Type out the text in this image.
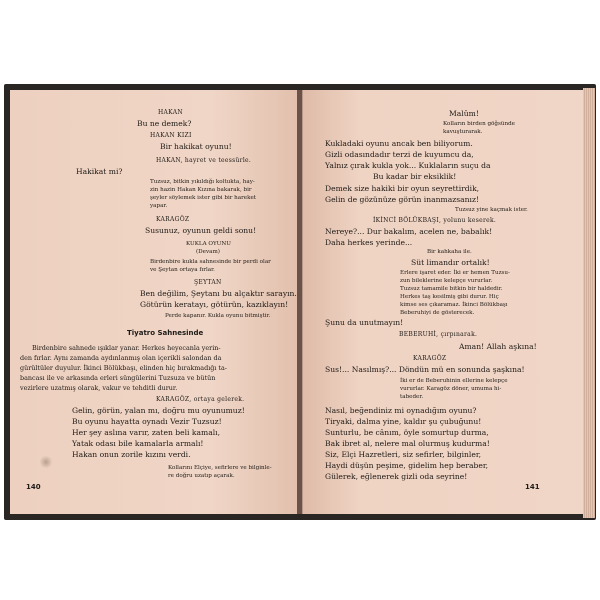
HAKAN
Bu ne demek?
HAKAN KIZI
Bir hakikat oyunu!
HAKAN, hayret ve teessürle.
Hakikat mi?
Tuzsuz, bitkin yıkıldığı koltukta, hay-
zin hazin Hakan Kızına bakarak, bir
şeyler söylemek ister gibi bir hareket
yapar.
KARAGÖZ
Susunuz, oyunun geldi sonu!
KUKLA OYUNU
(Devam)
Birdenbire kukla sahnesinde bir perdi olar
ve Şeytan ortaya fırlar.
ŞEYTAN
Ben değilim, Şeytanı bu alçaktır sarayın.
Götürün keratayı, götürün, kazıklayın!
Perde kapanır. Kukla oyunu bitmiştir.
Tiyatro Sahnesinde
Birdenbire sahnede ışıklar yanar. Herkes heyecanla yerin-
den fırlar. Aynı zamanda aydınlanmış olan içerikli salondan da
gürültüler duyulur. İkinci Bölükbaşı, elinden hiç bırakmadığı ta-
bancası ile ve arkasında erleri süngülerini Tuzsuza ve bütün
vezirlere uzatmış olarak, vakur ve tehditli durur.
KARAGÖZ, ortaya gelerek.
Gelin, görün, yalan mı, doğru mu oyunumuz!
Bu oyunu hayatta oynadı Vezir Tuzsuz!
Her şey aslına varır, zaten beli kamalı,
Yatak odası bile kamalarla armalı!
Hakan onun zorile kızını verdi.
Kollarını Elçiye, sefirlere ve bilginle-
re doğru uzatıp açarak.
140
Malûm!
Kolların birden göğsünde
kavuşturarak.
Kukladaki oyunu ancak ben biliyorum.
Gizli odasındadır terzi de kuyumcu da,
Yalnız çırak kukla yok... Kuklaların suçu da
Bu kadar bir eksiklik!
Demek size hakiki bir oyun seyrettirdik,
Gelin de gözünüze görün inanmazsanız!
Tuzsuz yine kaçmak ister.
İKİNCİ BÖLÜKBAŞI, yolunu keserek.
Nereye?... Dur bakalım, acelen ne, babalık!
Daha herkes yerinde...
Bir kahkaha ile.
Süt limandır ortalık!
Erlere işaret eder. İki er hemen Tuzsu-
zun bileklerine kelepçe vururlar.
Tuzsuz tamamile bitkin bir haldedir.
Herkes taş kesilmiş gibi durur. Hiç
kimse ses çıkaramaz. İkinci Bölükbaşı
Beberuhiyi de gösterecek.
Şunu da unutmayın!
BEBERUHİ, çırpınarak.
Aman! Allah aşkına!
KARAGÖZ
Sus!... Nasılmış?... Döndün mü en sonunda şaşkına!
İki er de Beberuhinin ellerine kelepçe
vururlar. Karagöz döner, umuma hi-
tabeder.
Nasıl, beğendiniz mi oynadığım oyunu?
Tiryaki, dalma yine, kaldır şu çubuğunu!
Sunturlu, be cânım, öyle somurtup durma,
Bak ibret al, nelere mal olurmuş kudurma!
Siz, Elçi Hazretleri, siz sefirler, bilginler,
Haydi düşün peşime, gidelim hep beraber,
Gülerek, eğlenerek gizli oda seyrine!
141
